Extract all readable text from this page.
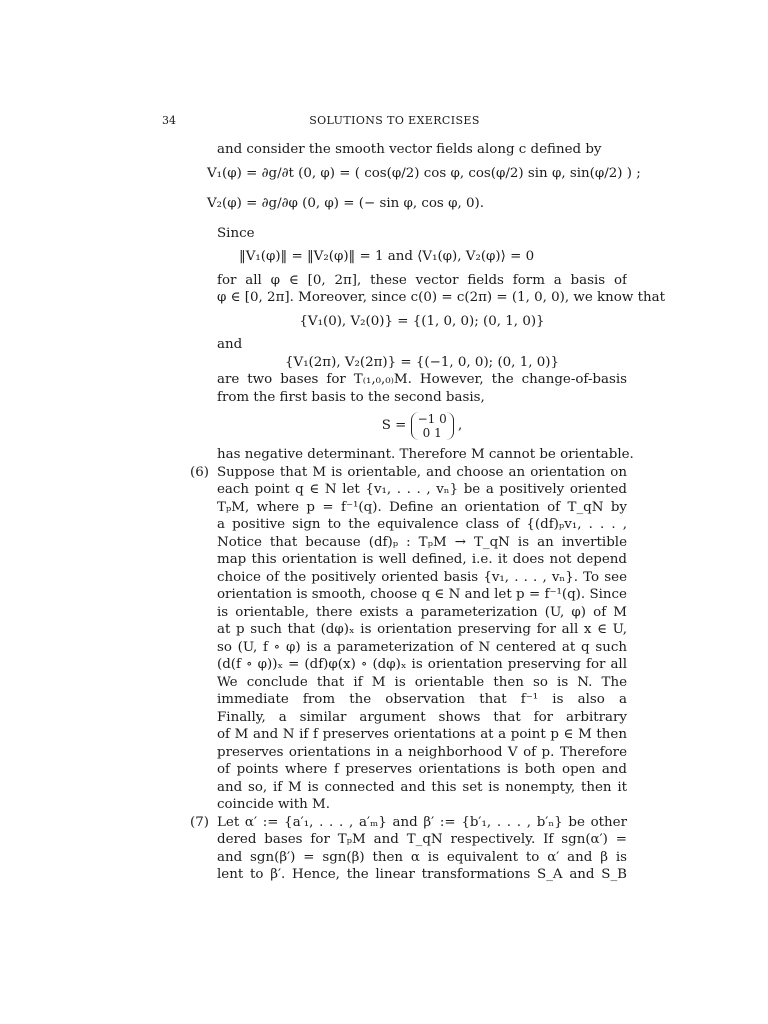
34	SOLUTIONS TO EXERCISES
and consider the smooth vector fields along c defined by
V₁(φ) = ∂g/∂t (0, φ) = ( cos(φ/2) cos φ, cos(φ/2) sin φ, sin(φ/2) ) ;
V₂(φ) = ∂g/∂φ (0, φ) = (− sin φ, cos φ, 0).
Since
‖V₁(φ)‖ = ‖V₂(φ)‖ = 1 and ⟨V₁(φ), V₂(φ)⟩ = 0
for all φ ∈ [0, 2π], these vector fields form a basis of
φ ∈ [0, 2π]. Moreover, since c(0) = c(2π) = (1, 0, 0), we know that
{V₁(0), V₂(0)} = {(1, 0, 0); (0, 1, 0)}
and
{V₁(2π), V₂(2π)} = {(−1, 0, 0); (0, 1, 0)}
are two bases for T₍₁,₀,₀₎M. However, the change-of-basis
from the first basis to the second basis,
S = −1 0
0 1	,
has negative determinant. Therefore M cannot be orientable.
(6) Suppose that M is orientable, and choose an orientation on
each point q ∈ N let {v₁, . . . , vₙ} be a positively oriented
TₚM, where p = f⁻¹(q). Define an orientation of T_qN by
a positive sign to the equivalence class of {(df)ₚv₁, . . . ,
Notice that because (df)ₚ : TₚM → T_qN is an invertible
map this orientation is well defined, i.e. it does not depend
choice of the positively oriented basis {v₁, . . . , vₙ}. To see
orientation is smooth, choose q ∈ N and let p = f⁻¹(q). Since
is orientable, there exists a parameterization (U, φ) of M
at p such that (dφ)ₓ is orientation preserving for all x ∈ U,
so (U, f ∘ φ) is a parameterization of N centered at q such
(d(f ∘ φ))ₓ = (df)φ(x) ∘ (dφ)ₓ is orientation preserving for all
We conclude that if M is orientable then so is N. The
immediate from the observation that f⁻¹ is also a
Finally, a similar argument shows that for arbitrary
of M and N if f preserves orientations at a point p ∈ M then
preserves orientations in a neighborhood V of p. Therefore
of points where f preserves orientations is both open and
and so, if M is connected and this set is nonempty, then it
coincide with M.
(7) Let α′ := {a′₁, . . . , a′ₘ} and β′ := {b′₁, . . . , b′ₙ} be other
dered bases for TₚM and T_qN respectively. If sgn(α′) =
and sgn(β′) = sgn(β) then α is equivalent to α′ and β is
lent to β′. Hence, the linear transformations S_A and S_B
